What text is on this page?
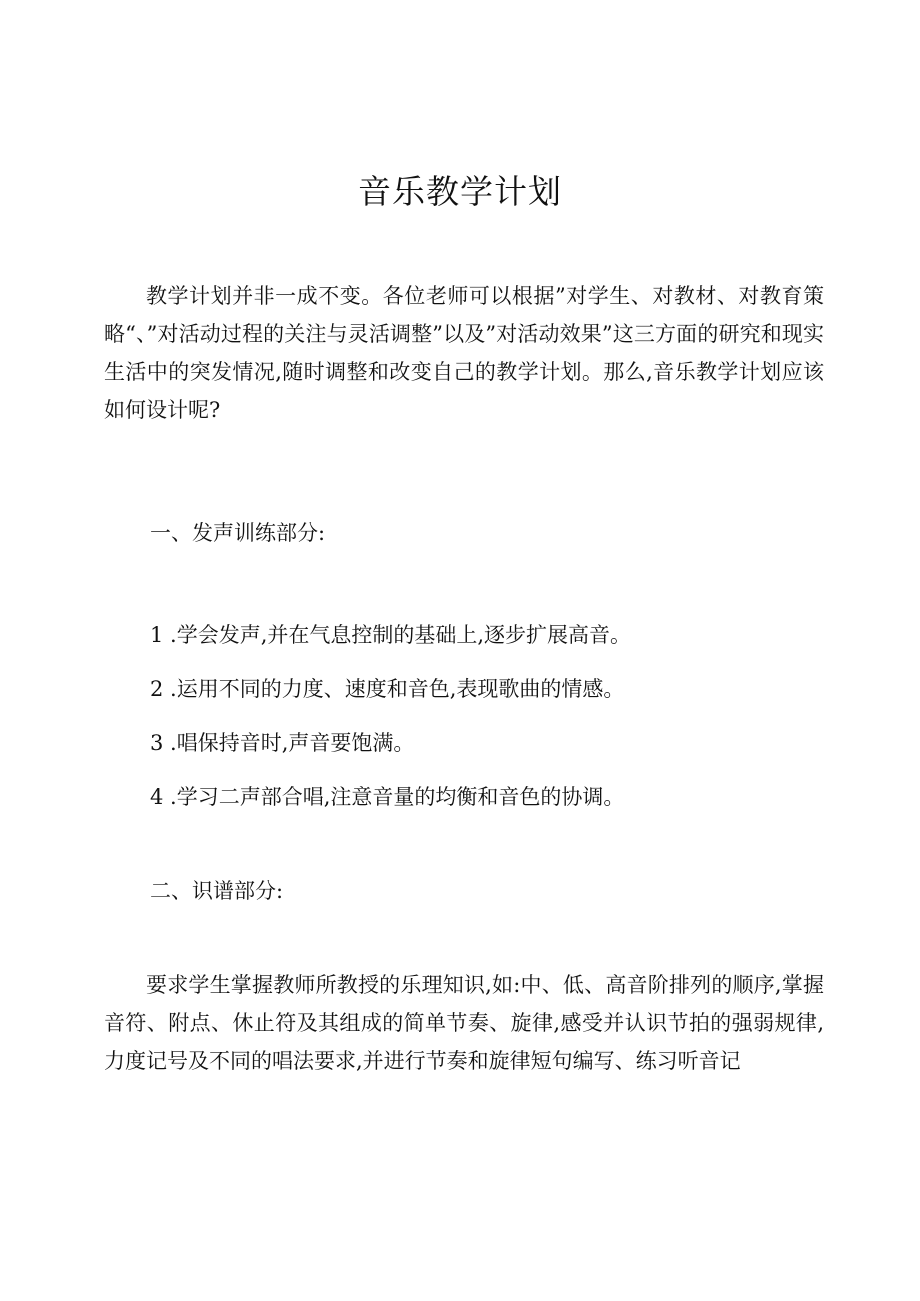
音乐教学计划

教学计划并非一成不变。各位老师可以根据”对学生、对教材、对教育策略“、”对活动过程的关注与灵活调整”以及”对活动效果”这三方面的研究和现实生活中的突发情况,随时调整和改变自己的教学计划。那么,音乐教学计划应该如何设计呢?

一、发声训练部分:

1 .学会发声,并在气息控制的基础上,逐步扩展高音。

2 .运用不同的力度、速度和音色,表现歌曲的情感。

3 .唱保持音时,声音要饱满。

4 .学习二声部合唱,注意音量的均衡和音色的协调。

二、识谱部分:

要求学生掌握教师所教授的乐理知识,如:中、低、高音阶排列的顺序,掌握音符、附点、休止符及其组成的简单节奏、旋律,感受并认识节拍的强弱规律,力度记号及不同的唱法要求,并进行节奏和旋律短句编写、练习听音记
